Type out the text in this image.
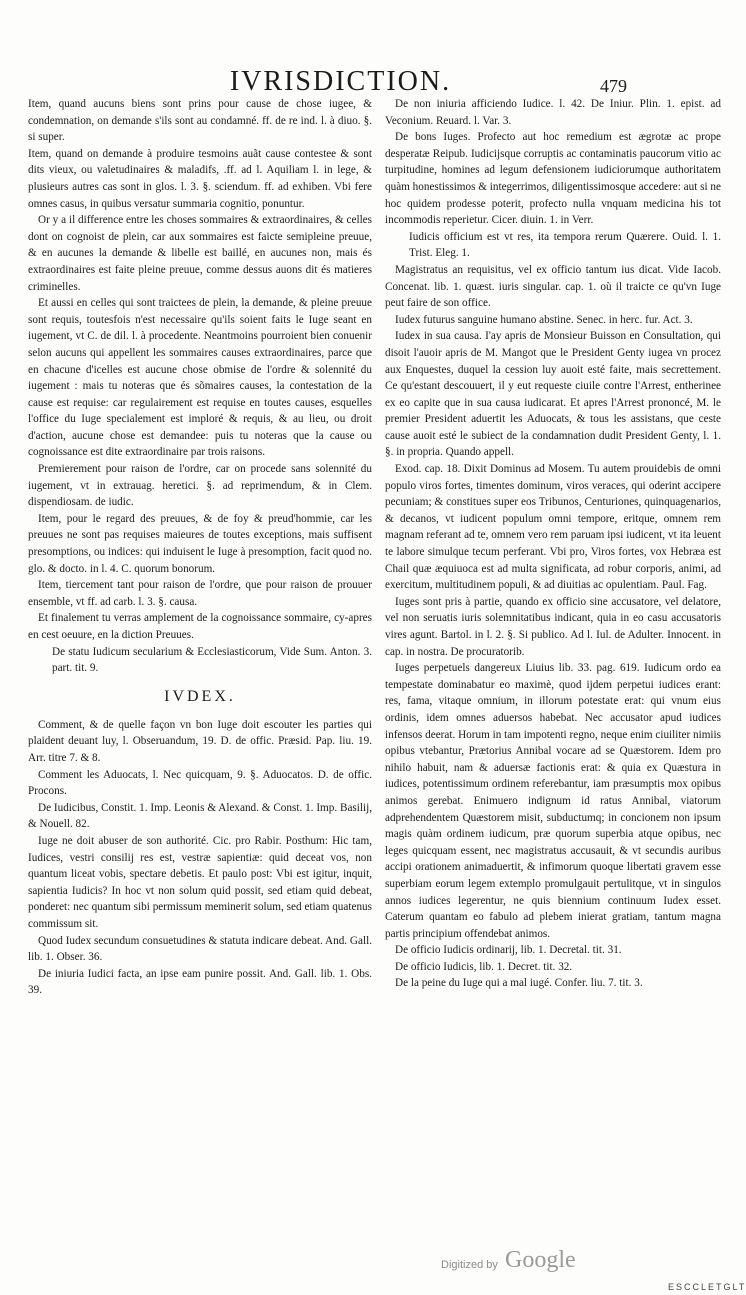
IVRISDICTION.	479

Item, quand aucuns biens sont prins pour cause de chose iugee, & condemnation, on demande s'ils sont au condamné. ff. de re ind. l. à diuo. §. si super.

Item, quand on demande à produire tesmoins auãt cause contestee & sont dits vieux, ou valetudinaires & maladifs, .ff. ad l. Aquiliam l. in lege, & plusieurs autres cas sont in glos. l. 3. §. sciendum. ff. ad exhiben. Vbi fere omnes casus, in quibus versatur summaria cognitio, ponuntur.

Or y a il difference entre les choses sommaires & extraordinaires, & celles dont on cognoist de plein, car aux sommaires est faicte semipleine preuue, & en aucunes la demande & libelle est baillé, en aucunes non, mais és extraordinaires est faite pleine preuue, comme dessus auons dit és matieres criminelles.

Et aussi en celles qui sont traictees de plein, la demande, & pleine preuue sont requis, toutesfois n'est necessaire qu'ils soient faits le Iuge seant en iugement, vt C. de dil. l. à procedente. Neantmoins pourroient bien conuenir selon aucuns qui appellent les sommaires causes extraordinaires, parce que en chacune d'icelles est aucune chose obmise de l'ordre & solennité du iugement : mais tu noteras que és sõmaires causes, la contestation de la cause est requise: car regulairement est requise en toutes causes, esquelles l'office du Iuge specialement est imploré & requis, & au lieu, ou droit d'action, aucune chose est demandee: puis tu noteras que la cause ou cognoissance est dite extraordinaire par trois raisons.

Premierement pour raison de l'ordre, car on procede sans solennité du iugement, vt in extrauag. heretici. §. ad reprimendum, & in Clem. dispendiosam. de iudic.

Item, pour le regard des preuues, & de foy & preud'hommie, car les preuues ne sont pas requises maieures de toutes exceptions, mais suffisent presomptions, ou indices: qui induisent le Iuge à presomption, facit quod no. glo. & docto. in l. 4. C. quorum bonorum.

Item, tiercement tant pour raison de l'ordre, que pour raison de prouuer ensemble, vt ff. ad carb. l. 3. §. causa.

Et finalement tu verras amplement de la cognoissance sommaire, cy-apres en cest oeuure, en la diction Preuues.

De statu Iudicum secularium & Ecclesiasticorum, Vide Sum. Anton. 3. part. tit. 9.

IVDEX.

Comment, & de quelle façon vn bon Iuge doit escouter les parties qui plaident deuant luy, l. Obseruandum, 19. D. de offic. Præsid. Pap. liu. 19. Arr. titre 7. & 8.

Comment les Aduocats, l. Nec quicquam, 9. §. Aduocatos. D. de offic. Procons.

De Iudicibus, Constit. 1. Imp. Leonis & Alexand. & Const. 1. Imp. Basilij, & Nouell. 82.

Iuge ne doit abuser de son authorité. Cic. pro Rabir. Posthum: Hic tam, Iudices, vestri consilij res est, vestræ sapientiæ: quid deceat vos, non quantum liceat vobis, spectare debetis. Et paulo post: Vbi est igitur, inquit, sapientia Iudicis? In hoc vt non solum quid possit, sed etiam quid debeat, ponderet: nec quantum sibi permissum meminerit solum, sed etiam quatenus commissum sit.

Quod Iudex secundum consuetudines & statuta indicare debeat. And. Gall. lib. 1. Obser. 36.

De iniuria Iudici facta, an ipse eam punire possit. And. Gall. lib. 1. Obs. 39.

De non iniuria afficiendo Iudice. l. 42. De Iniur. Plin. 1. epist. ad Veconium. Reuard. l. Var. 3.

De bons Iuges. Profecto aut hoc remedium est ægrotæ ac prope desperatæ Reipub. Iudicijsque corruptis ac contaminatis paucorum vitio ac turpitudine, homines ad legum defensionem iudiciorumque authoritatem quàm honestissimos & integerrimos, diligentissimosque accedere: aut si ne hoc quidem prodesse poterit, profecto nulla vnquam medicina his tot incommodis reperietur. Cicer. diuin. 1. in Verr.

Iudicis officium est vt res, ita tempora rerum Quærere. Ouid. l. 1. Trist. Eleg. 1.

Magistratus an requisitus, vel ex officio tantum ius dicat. Vide Iacob. Concenat. lib. 1. quæst. iuris singular. cap. 1. où il traicte ce qu'vn Iuge peut faire de son office.

Iudex futurus sanguine humano abstine. Senec. in herc. fur. Act. 3.

Iudex in sua causa. I'ay apris de Monsieur Buisson en Consultation, qui disoit l'auoir apris de M. Mangot que le President Genty iugea vn procez aux Enquestes, duquel la cession luy auoit esté faite, mais secrettement. Ce qu'estant descouuert, il y eut requeste ciuile contre l'Arrest, entherinee ex eo capite que in sua causa iudicarat. Et apres l'Arrest prononcé, M. le premier President aduertit les Aduocats, & tous les assistans, que ceste cause auoit esté le subiect de la condamnation dudit President Genty, l. 1. §. in propria. Quando appell.

Exod. cap. 18. Dixit Dominus ad Mosem. Tu autem prouidebis de omni populo viros fortes, timentes dominum, viros veraces, qui oderint accipere pecuniam; & constitues super eos Tribunos, Centuriones, quinquagenarios, & decanos, vt iudicent populum omni tempore, eritque, omnem rem magnam referant ad te, omnem vero rem paruam ipsi iudicent, vt ita leuent te labore simulque tecum perferant. Vbi pro, Viros fortes, vox Hebræa est Chail quæ æquiuoca est ad multa significata, ad robur corporis, animi, ad exercitum, multitudinem populi, & ad diuitias ac opulentiam. Paul. Fag.

Iuges sont pris à partie, quando ex officio sine accusatore, vel delatore, vel non seruatis iuris solemnitatibus indicant, quia in eo casu accusatoris vires agunt. Bartol. in l. 2. §. Si publico. Ad l. Iul. de Adulter. Innocent. in cap. in nostra. De procuratorib.

Iuges perpetuels dangereux Liuius lib. 33. pag. 619. Iudicum ordo ea tempestate dominabatur eo maximè, quod ijdem perpetui iudices erant: res, fama, vitaque omnium, in illorum potestate erat: qui vnum eius ordinis, idem omnes aduersos habebat. Nec accusator apud iudices infensos deerat. Horum in tam impotenti regno, neque enim ciuiliter nimiis opibus vtebantur, Prætorius Annibal vocare ad se Quæstorem. Idem pro nihilo habuit, nam & aduersæ factionis erat: & quia ex Quæstura in iudices, potentissimum ordinem referebantur, iam præsumptis mox opibus animos gerebat. Enimuero indignum id ratus Annibal, viatorum adprehendentem Quæstorem misit, subductumq; in concionem non ipsum magis quàm ordinem iudicum, præ quorum superbia atque opibus, nec leges quicquam essent, nec magistratus accusauit, & vt secundis auribus accipi orationem animaduertit, & infimorum quoque libertati gravem esse superbiam eorum legem extemplo promulgauit pertulitque, vt in singulos annos iudices legerentur, ne quis biennium continuum Iudex esset. Caterum quantam eo fabulo ad plebem inierat gratiam, tantum magna partis principium offendebat animos.

De officio Iudicis ordinarij, lib. 1. Decretal. tit. 31.

De officio Iudicis, lib. 1. Decret. tit. 32.

De la peine du Iuge qui a mal iugé. Confer. liu. 7. tit. 3.

Digitized by Google
ESCCLETGLT
